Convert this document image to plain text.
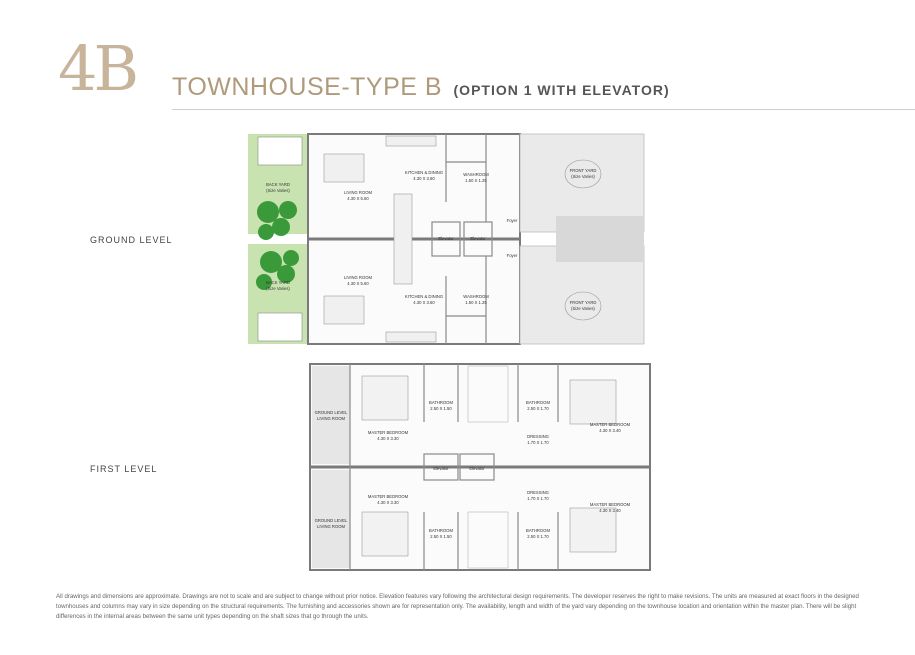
4B TOWNHOUSE-TYPE B (OPTION 1 WITH ELEVATOR)
GROUND LEVEL
FIRST LEVEL
BACK YARD
(Size Varies)
BACK YARD
(Size Varies)
LIVING ROOM
4.30 X 5.60
LIVING ROOM
4.30 X 5.60
KITCHEN & DINING
4.30 X 3.60
KITCHEN & DINING
4.30 X 3.60
WASHROOM
1.50 X 1.25
WASHROOM
1.50 X 1.25
Elevator	Elevator
Foyer
Foyer
FRONT YARD
(Size Varies)
FRONT YARD
(Size Varies)
GROUND LEVEL
LIVING ROOM
GROUND LEVEL
LIVING ROOM
MASTER BEDROOM
4.30 X 3.30
MASTER BEDROOM
4.30 X 3.30
MASTER BEDROOM
4.30 X 3.40
MASTER BEDROOM
4.30 X 3.40
BATHROOM
2.50 X 1.50
BATHROOM
2.50 X 1.50
BATHROOM
2.50 X 1.70
BATHROOM
2.50 X 1.70
DRESSING
1.70 X 1.70
DRESSING
1.70 X 1.70
Elevator	Elevator
All drawings and dimensions are approximate. Drawings are not to scale and are subject to change without prior notice. Elevation features vary following the architectural design requirements. The developer reserves the right to make revisions. The units are measured at exact floors in the designed townhouses and columns may vary in size depending on the structural requirements. The furnishing and accessories shown are for representation only. The availability, length and width of the yard vary depending on the townhouse location and orientation within the master plan. There will be slight differences in the internal areas between the same unit types depending on the shaft sizes that go through the units.
